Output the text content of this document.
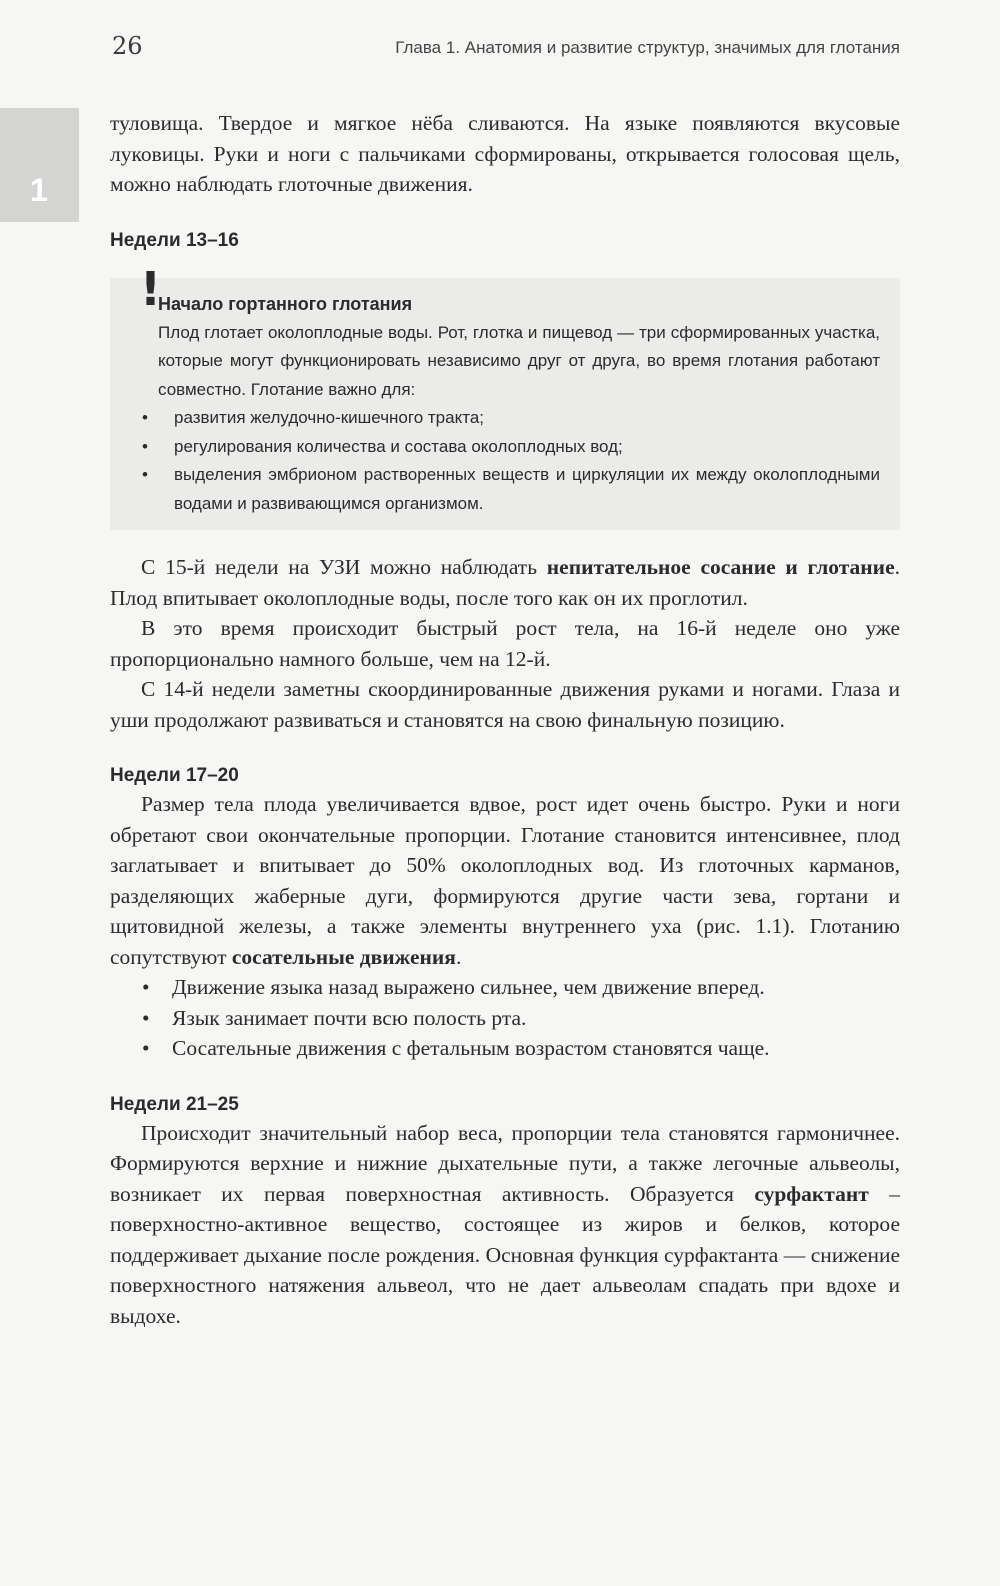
26	Глава 1. Анатомия и развитие структур, значимых для глотания
1

туловища. Твердое и мягкое нёба сливаются. На языке появляются вкусовые луковицы. Руки и ноги с пальчиками сформированы, открывается голосовая щель, можно наблюдать глоточные движения.

Недели 13–16
!

Начало гортанного глотания

Плод глотает околоплодные воды. Рот, глотка и пищевод — три сформированных участка, которые могут функционировать независимо друг от друга, во время глотания работают совместно. Глотание важно для:

• развития желудочно-кишечного тракта;
• регулирования количества и состава околоплодных вод;
• выделения эмбрионом растворенных веществ и циркуляции их между околоплодными водами и развивающимся организмом.

С 15-й недели на УЗИ можно наблюдать непитательное сосание и глотание. Плод впитывает околоплодные воды, после того как он их проглотил.

В это время происходит быстрый рост тела, на 16-й неделе оно уже пропорционально намного больше, чем на 12-й.

С 14-й недели заметны скоординированные движения руками и ногами. Глаза и уши продолжают развиваться и становятся на свою финальную позицию.

Недели 17–20

Размер тела плода увеличивается вдвое, рост идет очень быстро. Руки и ноги обретают свои окончательные пропорции. Глотание становится интенсивнее, плод заглатывает и впитывает до 50% околоплодных вод. Из глоточных карманов, разделяющих жаберные дуги, формируются другие части зева, гортани и щитовидной железы, а также элементы внутреннего уха (рис. 1.1). Глотанию сопутствуют сосательные движения.

• Движение языка назад выражено сильнее, чем движение вперед.
• Язык занимает почти всю полость рта.
• Сосательные движения с фетальным возрастом становятся чаще.
Недели 21–25

Происходит значительный набор веса, пропорции тела становятся гармоничнее. Формируются верхние и нижние дыхательные пути, а также легочные альвеолы, возникает их первая поверхностная активность. Образуется сурфактант –поверхностно-активное вещество, состоящее из жиров и белков, которое поддерживает дыхание после рождения. Основная функция сурфактанта — снижение поверхностного натяжения альвеол, что не дает альвеолам спадать при вдохе и выдохе.
